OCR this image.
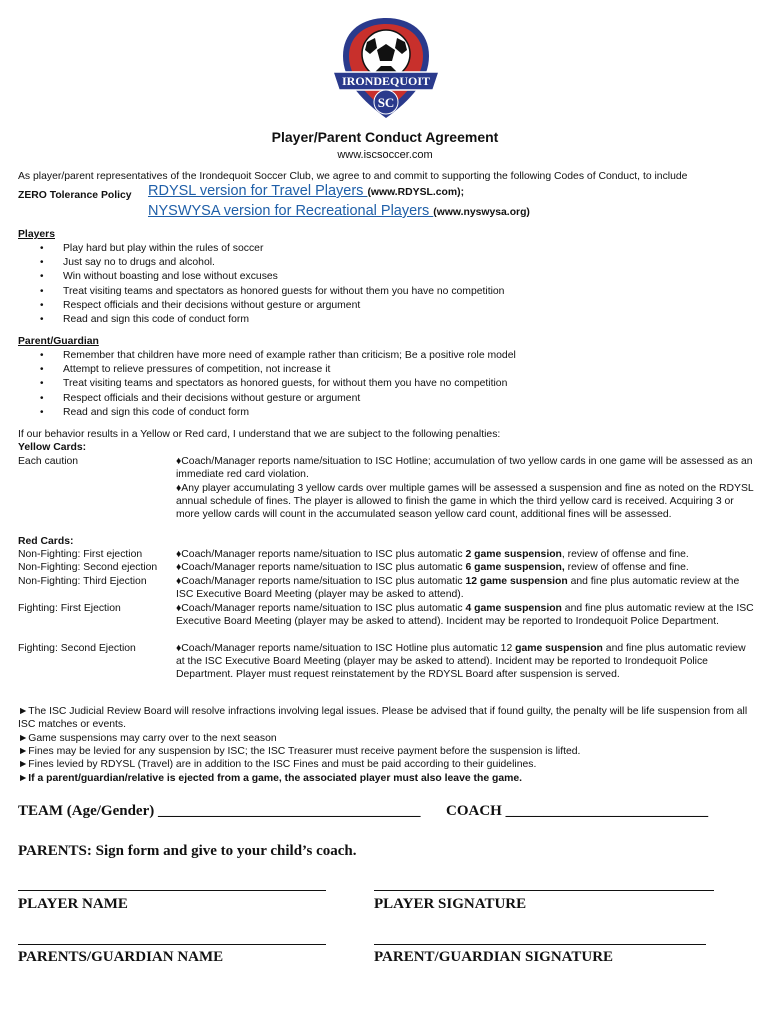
IRONDEQUOIT
SC
Player/Parent Conduct Agreement
www.iscsoccer.com
As player/parent representatives of the Irondequoit Soccer Club, we agree to and commit to supporting the following Codes of Conduct, to include
ZERO Tolerance Policy RDYSL version for Travel Players (www.RDYSL.com);
NYSWYSA version for Recreational Players (www.nyswysa.org)
Players
• Play hard but play within the rules of soccer
• Just say no to drugs and alcohol.
• Win without boasting and lose without excuses
• Treat visiting teams and spectators as honored guests for without them you have no competition
• Respect officials and their decisions without gesture or argument
• Read and sign this code of conduct form
Parent/Guardian
• Remember that children have more need of example rather than criticism; Be a positive role model
• Attempt to relieve pressures of competition, not increase it
• Treat visiting teams and spectators as honored guests, for without them you have no competition
• Respect officials and their decisions without gesture or argument
• Read and sign this code of conduct form
If our behavior results in a Yellow or Red card, I understand that we are subject to the following penalties:
Yellow Cards:
Each caution	♦Coach/Manager reports name/situation to ISC Hotline; accumulation of two yellow cards in one game will be assessed as an immediate red card violation.
♦Any player accumulating 3 yellow cards over multiple games will be assessed a suspension and fine as noted on the RDYSL annual schedule of fines. The player is allowed to finish the game in which the third yellow card is received. Acquiring 3 or more yellow cards will count in the accumulated season yellow card count, additional fines will be assessed.
Red Cards:
Non-Fighting: First ejection	♦Coach/Manager reports name/situation to ISC plus automatic 2 game suspension, review of offense and fine.
Non-Fighting: Second ejection ♦Coach/Manager reports name/situation to ISC plus automatic 6 game suspension, review of offense and fine.
Non-Fighting: Third Ejection	♦Coach/Manager reports name/situation to ISC plus automatic 12 game suspension and fine plus automatic review at the ISC Executive Board Meeting (player may be asked to attend).
Fighting: First Ejection	♦Coach/Manager reports name/situation to ISC plus automatic 4 game suspension and fine plus automatic review at the ISC Executive Board Meeting (player may be asked to attend). Incident may be reported to Irondequoit Police Department.
Fighting: Second Ejection	♦Coach/Manager reports name/situation to ISC Hotline plus automatic 12 game suspension and fine plus automatic review at the ISC Executive Board Meeting (player may be asked to attend). Incident may be reported to Irondequoit Police Department. Player must request reinstatement by the RDYSL Board after suspension is served.
►The ISC Judicial Review Board will resolve infractions involving legal issues. Please be advised that if found guilty, the penalty will be life suspension from all ISC matches or events.
►Game suspensions may carry over to the next season
►Fines may be levied for any suspension by ISC; the ISC Treasurer must receive payment before the suspension is lifted.
►Fines levied by RDYSL (Travel) are in addition to the ISC Fines and must be paid according to their guidelines.
►If a parent/guardian/relative is ejected from a game, the associated player must also leave the game.
TEAM (Age/Gender) ___________________________________ COACH ___________________________
PARENTS: Sign form and give to your child’s coach.
PLAYER NAME	PLAYER SIGNATURE
PARENTS/GUARDIAN NAME	PARENT/GUARDIAN SIGNATURE
